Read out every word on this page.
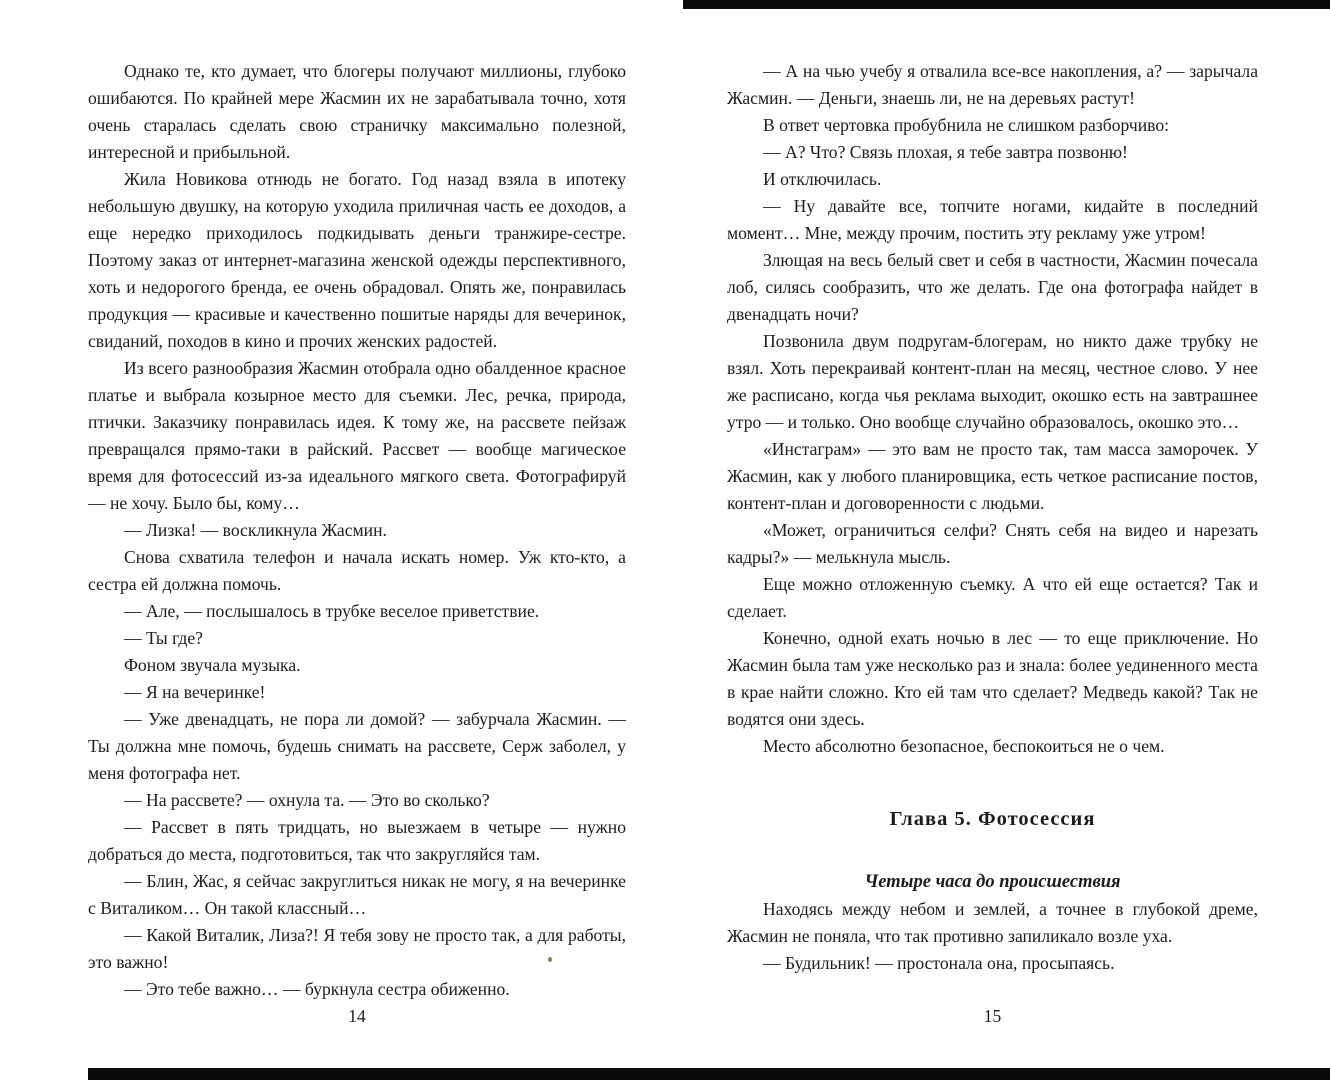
Однако те, кто думает, что блогеры получают миллионы, глубоко ошибаются. По крайней мере Жасмин их не зарабатывала точно, хотя очень старалась сделать свою страничку максимально полезной, интересной и прибыльной.

Жила Новикова отнюдь не богато. Год назад взяла в ипотеку небольшую двушку, на которую уходила приличная часть ее доходов, а еще нередко приходилось подкидывать деньги транжире-сестре. Поэтому заказ от интернет-магазина женской одежды перспективного, хоть и недорогого бренда, ее очень обрадовал. Опять же, понравилась продукция — красивые и качественно пошитые наряды для вечеринок, свиданий, походов в кино и прочих женских радостей.

Из всего разнообразия Жасмин отобрала одно обалденное красное платье и выбрала козырное место для съемки. Лес, речка, природа, птички. Заказчику понравилась идея. К тому же, на рассвете пейзаж превращался прямо-таки в райский. Рассвет — вообще магическое время для фотосессий из-за идеального мягкого света. Фотографируй — не хочу. Было бы, кому…

— Лизка! — воскликнула Жасмин.

Снова схватила телефон и начала искать номер. Уж кто-кто, а сестра ей должна помочь.

— Але, — послышалось в трубке веселое приветствие.

— Ты где?

Фоном звучала музыка.

— Я на вечеринке!

— Уже двенадцать, не пора ли домой? — забурчала Жасмин. — Ты должна мне помочь, будешь снимать на рассвете, Серж заболел, у меня фотографа нет.

— На рассвете? — охнула та. — Это во сколько?

— Рассвет в пять тридцать, но выезжаем в четыре — нужно добраться до места, подготовиться, так что закругляйся там.

— Блин, Жас, я сейчас закруглиться никак не могу, я на вечеринке с Виталиком… Он такой классный…

— Какой Виталик, Лиза?! Я тебя зову не просто так, а для работы, это важно!

— Это тебе важно… — буркнула сестра обиженно.

— А на чью учебу я отвалила все-все накопления, а? — зарычала Жасмин. — Деньги, знаешь ли, не на деревьях растут!

В ответ чертовка пробубнила не слишком разборчиво:

— А? Что? Связь плохая, я тебе завтра позвоню!

И отключилась.

— Ну давайте все, топчите ногами, кидайте в последний момент… Мне, между прочим, постить эту рекламу уже утром!

Злющая на весь белый свет и себя в частности, Жасмин почесала лоб, силясь сообразить, что же делать. Где она фотографа найдет в двенадцать ночи?

Позвонила двум подругам-блогерам, но никто даже трубку не взял. Хоть перекраивай контент-план на месяц, честное слово. У нее же расписано, когда чья реклама выходит, окошко есть на завтрашнее утро — и только. Оно вообще случайно образовалось, окошко это…

«Инстаграм» — это вам не просто так, там масса заморочек. У Жасмин, как у любого планировщика, есть четкое расписание постов, контент-план и договоренности с людьми.

«Может, ограничиться селфи? Снять себя на видео и нарезать кадры?» — мелькнула мысль.

Еще можно отложенную съемку. А что ей еще остается? Так и сделает.

Конечно, одной ехать ночью в лес — то еще приключение. Но Жасмин была там уже несколько раз и знала: более уединенного места в крае найти сложно. Кто ей там что сделает? Медведь какой? Так не водятся они здесь.

Место абсолютно безопасное, беспокоиться не о чем.

Глава 5. Фотосессия
Четыре часа до происшествия

Находясь между небом и землей, а точнее в глубокой дреме, Жасмин не поняла, что так противно запиликало возле уха.

— Будильник! — простонала она, просыпаясь.

14	15
